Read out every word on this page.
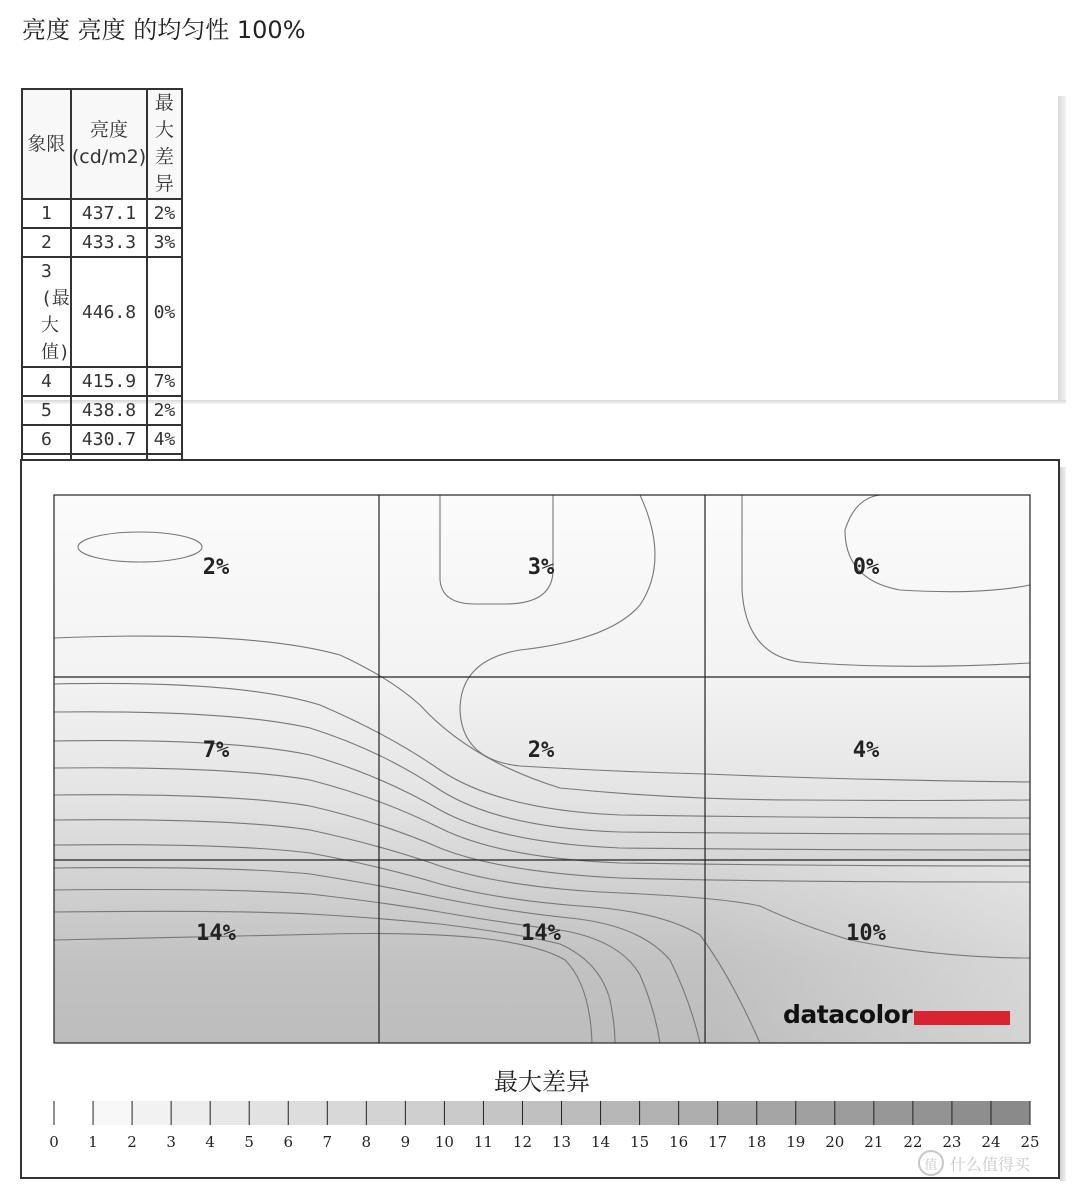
亮度 亮度 的均匀性 100%
象限	亮度 (cd/m2)	最大差异
1	437.1	2%
2	433.3	3%
3 (最大值)	446.8	0%
4	415.9	7%
5	438.8	2%
6	430.7	4%

2%	3%	0%
7%	2%	4%
14%	14%	10%
最大差异
0 1 2 3 4 5 6 7 8 9 10 11 12 13 14 15 16 17 18 19 20 21 22 23 24 25
datacolor
值 什么值得买
